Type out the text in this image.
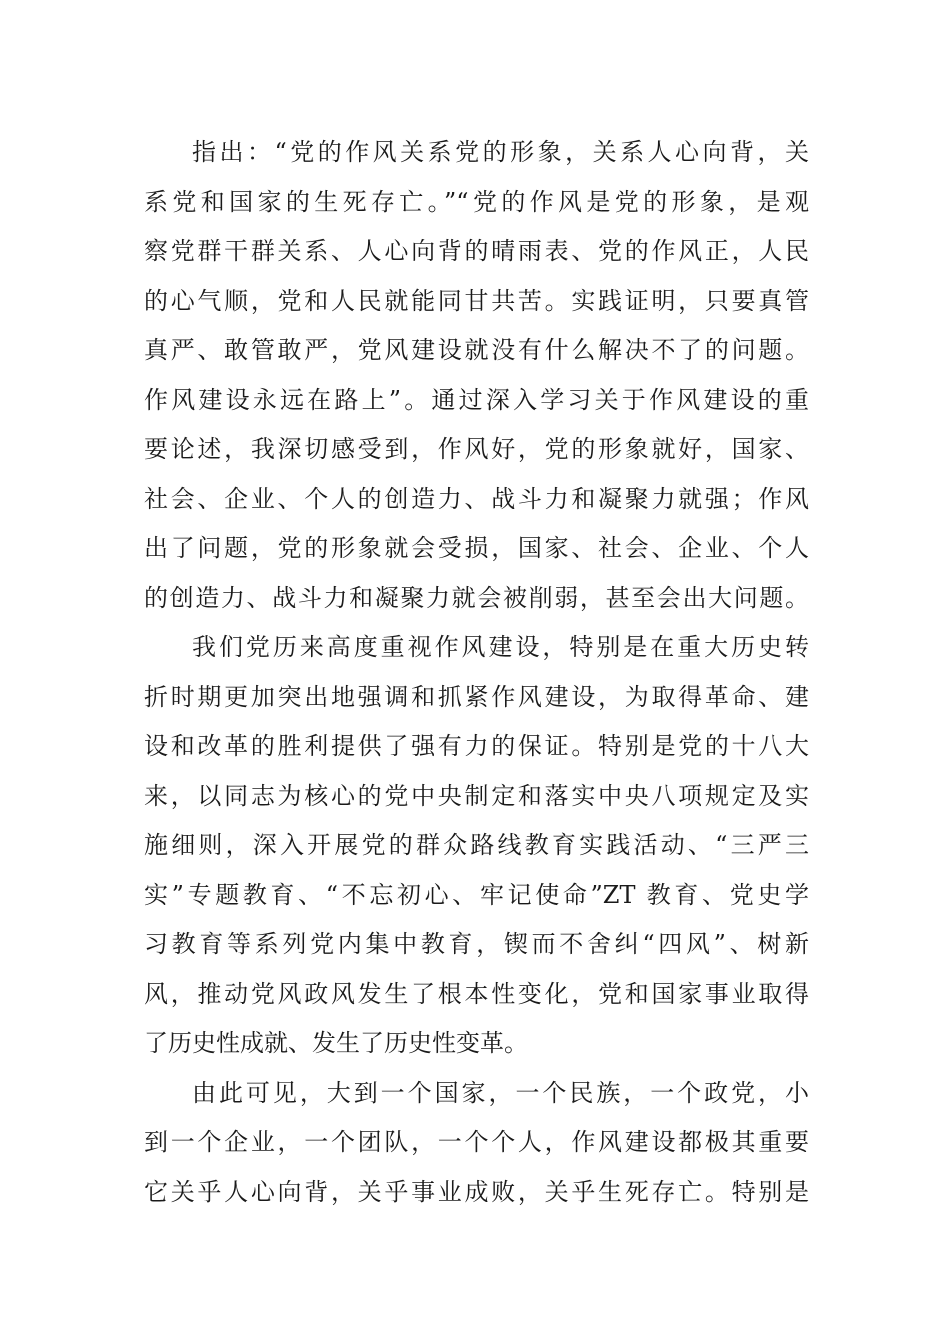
指出：“党的作风关系党的形象，关系人心向背，关
系党和国家的生死存亡。”“党的作风是党的形象，是观
察党群干群关系、人心向背的晴雨表、党的作风正，人民
的心气顺，党和人民就能同甘共苦。实践证明，只要真管
真严、敢管敢严，党风建设就没有什么解决不了的问题。
作风建设永远在路上”。通过深入学习关于作风建设的重
要论述，我深切感受到，作风好，党的形象就好，国家、
社会、企业、个人的创造力、战斗力和凝聚力就强；作风
出了问题，党的形象就会受损，国家、社会、企业、个人
的创造力、战斗力和凝聚力就会被削弱，甚至会出大问题。
我们党历来高度重视作风建设，特别是在重大历史转
折时期更加突出地强调和抓紧作风建设，为取得革命、建
设和改革的胜利提供了强有力的保证。特别是党的十八大
来，以同志为核心的党中央制定和落实中央八项规定及实
施细则，深入开展党的群众路线教育实践活动、“三严三
实”专题教育、“不忘初心、牢记使命”ZT 教育、党史学
习教育等系列党内集中教育，锲而不舍纠“四风”、树新
风，推动党风政风发生了根本性变化，党和国家事业取得
了历史性成就、发生了历史性变革。
由此可见，大到一个国家，一个民族，一个政党，小
到一个企业，一个团队，一个个人，作风建设都极其重要
它关乎人心向背，关乎事业成败，关乎生死存亡。特别是
